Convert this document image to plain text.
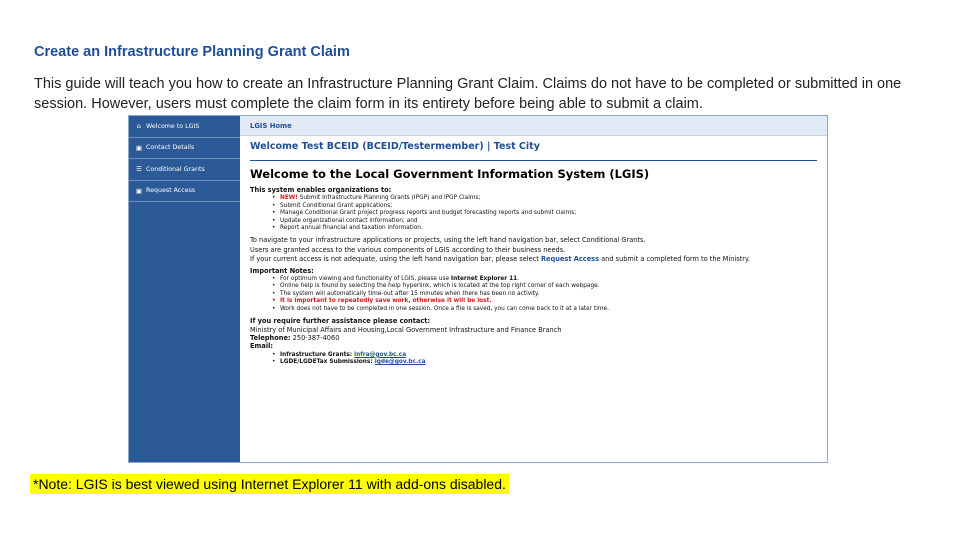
Create an Infrastructure Planning Grant Claim
This guide will teach you how to create an Infrastructure Planning Grant Claim. Claims do not have to be completed or submitted in one session. However, users must complete the claim form in its entirety before being able to submit a claim.
⌂ Welcome to LGIS
▣ Contact Details
☰ Conditional Grants
▣ Request Access
LGIS Home
Welcome Test BCEID (BCEID/Testermember) | Test City
Welcome to the Local Government Information System (LGIS)
This system enables organizations to:
• NEW! Submit Infrastructure Planning Grants (IPGP) and IPGP Claims;
• Submit Conditional Grant applications;
• Manage Conditional Grant project progress reports and budget forecasting reports and submit claims;
• Update organizational contact information; and
• Report annual financial and taxation information.
To navigate to your infrastructure applications or projects, using the left hand navigation bar, select Conditional Grants.
Users are granted access to the various components of LGIS according to their business needs.
If your current access is not adequate, using the left hand navigation bar, please select Request Access and submit a completed form to the Ministry.
Important Notes:
• For optimum viewing and functionality of LGIS, please use Internet Explorer 11.
• Online help is found by selecting the help hyperlink, which is located at the top right corner of each webpage.
• The system will automatically time-out after 15 minutes when there has been no activity.
• It is important to repeatedly save work, otherwise it will be lost.
• Work does not have to be completed in one session. Once a file is saved, you can come back to it at a later time.
If you require further assistance please contact:
Ministry of Municipal Affairs and Housing,Local Government Infrastructure and Finance Branch
Telephone: 250-387-4060
Email:
• Infrastructure Grants: infra@gov.bc.ca
• LGDE/LGDETax Submissions: lgde@gov.bc.ca
*Note: LGIS is best viewed using Internet Explorer 11 with add-ons disabled.
